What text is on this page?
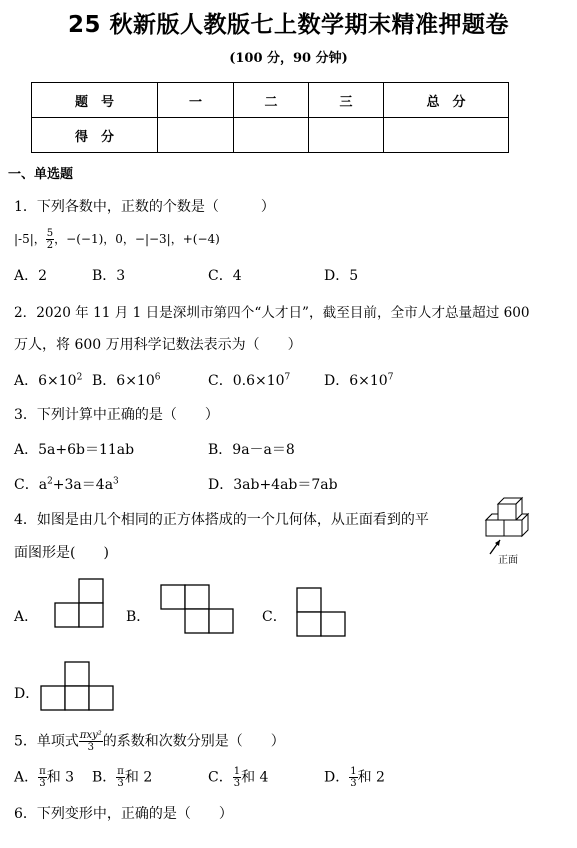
25 秋新版人教版七上数学期末精准押题卷
(100 分，90 分钟)
题　号	一	二	三	总　分
得　分				
一、单选题
1．下列各数中，正数的个数是（　　　）
|-5|， $\frac{5}{2}$ ，−(−1)，0，−|−3|，+(−4)
A．2	B．3	C．4	D．5
2．2020 年 11 月 1 日是深圳市第四个“人才日”，截至目前，全市人才总量超过 600
万人，将 600 万用科学记数法表示为（　　）
A．$6\times 10^2$ B．$6\times 10^6$	C．$0.6\times 10^7$ D．$6\times 10^7$
3．下列计算中正确的是（　　）
A．5a+6b＝11ab	B．9a－a＝8
C．$a^2+3a=4a^3$	D．3ab+4ab＝7ab
4．如图是由几个相同的正方体搭成的一个几何体，从正面看到的平
面图形是(　　)	正面
A．	B．	C．
D．
5．单项式 $\frac{\text{πxy²}}{3}$ 的系数和次数分别是（　　）
A． $\frac{\pi}{3}$ 和 3 B． $\frac{\pi}{3}$ 和 2	C． $\frac{1}{3}$ 和 4	D． $\frac{1}{3}$ 和 2
6．下列变形中，正确的是（　　）
